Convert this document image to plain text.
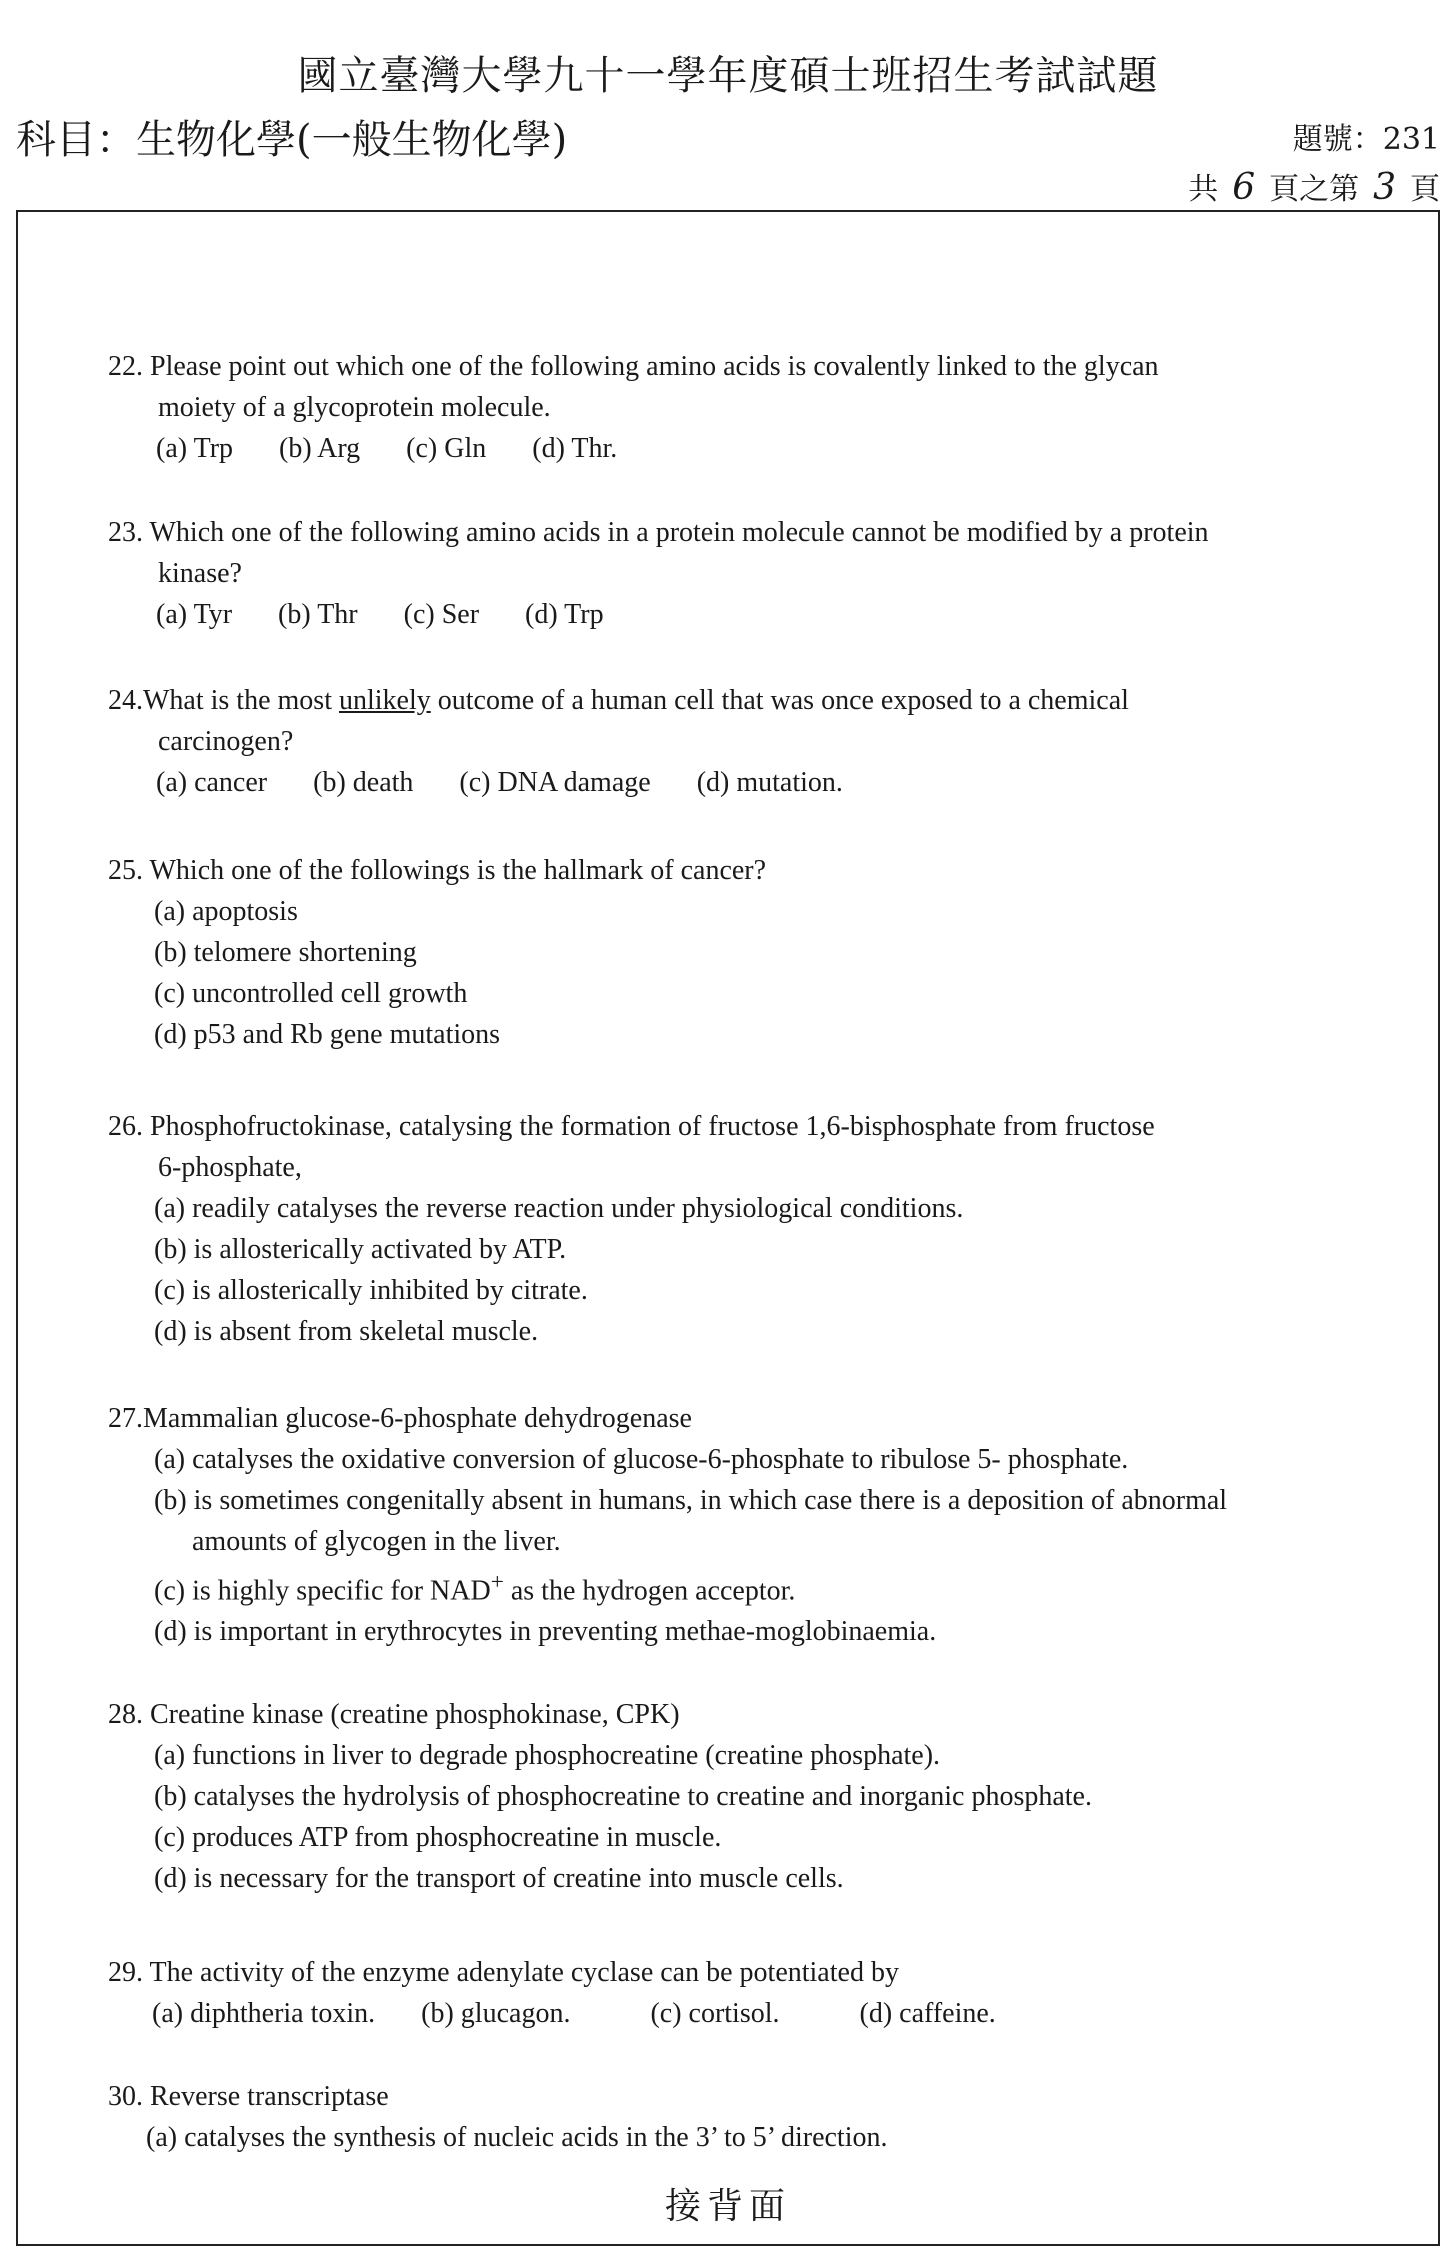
國立臺灣大學九十一學年度碩士班招生考試試題
科目：生物化學(一般生物化學)	題號：231
共 6 頁之第 3 頁
22. Please point out which one of the following amino acids is covalently linked to the glycan
moiety of a glycoprotein molecule.
(a) Trp (b) Arg (c) Gln (d) Thr.
23. Which one of the following amino acids in a protein molecule cannot be modified by a protein
kinase?
(a) Tyr (b) Thr (c) Ser (d) Trp
24.What is the most unlikely outcome of a human cell that was once exposed to a chemical
carcinogen?
(a) cancer (b) death (c) DNA damage (d) mutation.
25. Which one of the followings is the hallmark of cancer?
(a) apoptosis
(b) telomere shortening
(c) uncontrolled cell growth
(d) p53 and Rb gene mutations
26. Phosphofructokinase, catalysing the formation of fructose 1,6-bisphosphate from fructose
6-phosphate,
(a) readily catalyses the reverse reaction under physiological conditions.
(b) is allosterically activated by ATP.
(c) is allosterically inhibited by citrate.
(d) is absent from skeletal muscle.
27.Mammalian glucose-6-phosphate dehydrogenase
(a) catalyses the oxidative conversion of glucose-6-phosphate to ribulose 5- phosphate.
(b) is sometimes congenitally absent in humans, in which case there is a deposition of abnormal
amounts of glycogen in the liver.
(c) is highly specific for NAD+ as the hydrogen acceptor.
(d) is important in erythrocytes in preventing methae-moglobinaemia.
28. Creatine kinase (creatine phosphokinase, CPK)
(a) functions in liver to degrade phosphocreatine (creatine phosphate).
(b) catalyses the hydrolysis of phosphocreatine to creatine and inorganic phosphate.
(c) produces ATP from phosphocreatine in muscle.
(d) is necessary for the transport of creatine into muscle cells.
29. The activity of the enzyme adenylate cyclase can be potentiated by
(a) diphtheria toxin. (b) glucagon.	(c) cortisol.	(d) caffeine.
30. Reverse transcriptase
(a) catalyses the synthesis of nucleic acids in the 3’ to 5’ direction.
接背面
